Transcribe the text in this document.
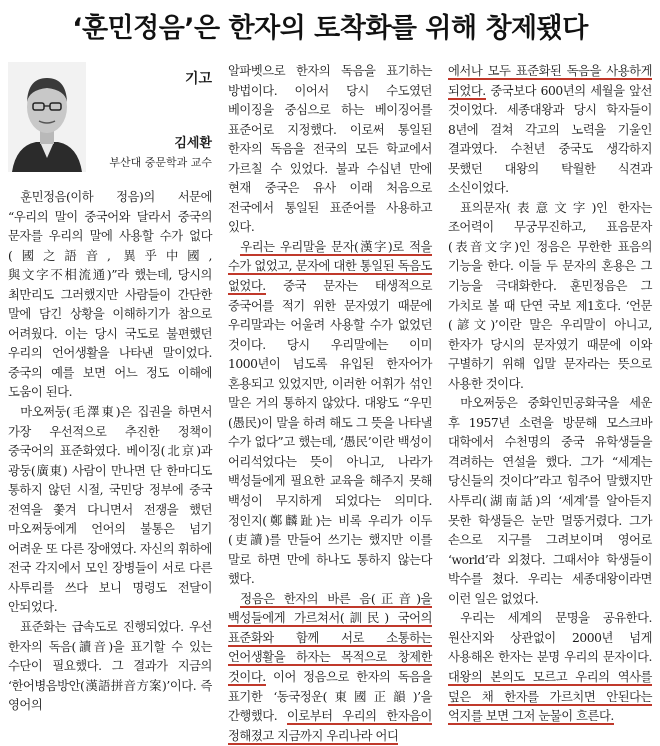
‘훈민정음’은 한자의 토착화를 위해 창제됐다
기고
김세환
부산대 중문학과 교수

훈민정음(이하 정음)의 서문에 “우리의 말이 중국어와 달라서 중국의 문자를 우리의 말에 사용할 수가 없다(國之語音, 異乎中國, 與文字不相流通)”라 했는데, 당시의 최만리도 그러했지만 사람들이 간단한 말에 담긴 상황을 이해하기가 참으로 어려웠다. 이는 당시 국도로 불편했던 우리의 언어생활을 나타낸 말이었다. 중국의 예를 보면 어느 정도 이해에 도움이 된다.

마오쩌둥(毛澤東)은 집권을 하면서 가장 우선적으로 추진한 정책이 중국어의 표준화였다. 베이징(北京)과 광둥(廣東) 사람이 만나면 단 한마디도 통하지 않던 시절, 국민당 정부에 중국 전역을 쫓겨 다니면서 전쟁을 했던 마오쩌둥에게 언어의 불통은 넘기 어려운 또 다른 장애였다. 자신의 휘하에 전국 각지에서 모인 장병들이 서로 다른 사투리를 쓰다 보니 명령도 전달이 안되었다.

표준화는 급속도로 진행되었다. 우선 한자의 독음(讀音)을 표기할 수 있는 수단이 필요했다. 그 결과가 지금의 ‘한어병음방안(漢語拼音方案)’이다. 즉 영어의

알파벳으로 한자의 독음을 표기하는 방법이다. 이어서 당시 수도였던 베이징을 중심으로 하는 베이징어를 표준어로 지정했다. 이로써 통일된 한자의 독음을 전국의 모든 학교에서 가르칠 수 있었다. 불과 수십년 만에 현재 중국은 유사 이래 처음으로 전국에서 통일된 표준어를 사용하고 있다.

우리는 우리말을 문자(漢字)로 적을 수가 없었고, 문자에 대한 통일된 독음도 없었다. 중국 문자는 태생적으로 중국어를 적기 위한 문자였기 때문에 우리말과는 어울려 사용할 수가 없었던 것이다. 당시 우리말에는 이미 1000년이 넘도록 유입된 한자어가 혼용되고 있었지만, 이러한 어휘가 섞인 말은 거의 통하지 않았다. 대왕도 “우민(愚民)이 말을 하려 해도 그 뜻을 나타낼 수가 없다”고 했는데, ‘愚民’이란 백성이 어리석었다는 뜻이 아니고, 나라가 백성들에게 필요한 교육을 해주지 못해 백성이 무지하게 되었다는 의미다. 정인지(鄭麟趾)는 비록 우리가 이두(吏讀)를 만들어 쓰기는 했지만 이를 말로 하면 만에 하나도 통하지 않는다 했다.

정음은 한자의 바른 음(正音)을 백성들에게 가르쳐서(訓民) 국어의 표준화와 함께 서로 소통하는 언어생활을 하자는 목적으로 창제한 것이다. 이어 정음으로 한자의 독음을 표기한 ‘동국정운(東國正韻)’을 간행했다. 이로부터 우리의 한자음이 정해졌고 지금까지 우리나라 어디

에서나 모두 표준화된 독음을 사용하게 되었다. 중국보다 600년의 세월을 앞선 것이었다. 세종대왕과 당시 학자들이 8년에 걸쳐 각고의 노력을 기울인 결과였다. 수천년 중국도 생각하지 못했던 대왕의 탁월한 식견과 소신이었다.

표의문자(表意文字)인 한자는 조어력이 무궁무진하고, 표음문자(表音文字)인 정음은 무한한 표음의 기능을 한다. 이들 두 문자의 혼용은 그 기능을 극대화한다. 훈민정음은 그 가치로 볼 때 단연 국보 제1호다. ‘언문(諺文)’이란 말은 우리말이 아니고, 한자가 당시의 문자였기 때문에 이와 구별하기 위해 입말 문자라는 뜻으로 사용한 것이다.

마오쩌둥은 중화인민공화국을 세운 후 1957년 소련을 방문해 모스크바 대학에서 수천명의 중국 유학생들을 격려하는 연설을 했다. 그가 “세계는 당신들의 것이다”라고 힘주어 말했지만 사투리(湖南話)의 ‘세계’를 알아듣지 못한 학생들은 눈만 멀뚱거렸다. 그가 손으로 지구를 그려보이며 영어로 ‘world’라 외쳤다. 그때서야 학생들이 박수를 쳤다. 우리는 세종대왕이라면 이런 일은 없었다.

우리는 세계의 문명을 공유한다. 원산지와 상관없이 2000년 넘게 사용해온 한자는 분명 우리의 문자이다. 대왕의 본의도 모르고 우리의 역사를 덮은 채 한자를 가르치면 안된다는 억지를 보면 그저 눈물이 흐른다.
